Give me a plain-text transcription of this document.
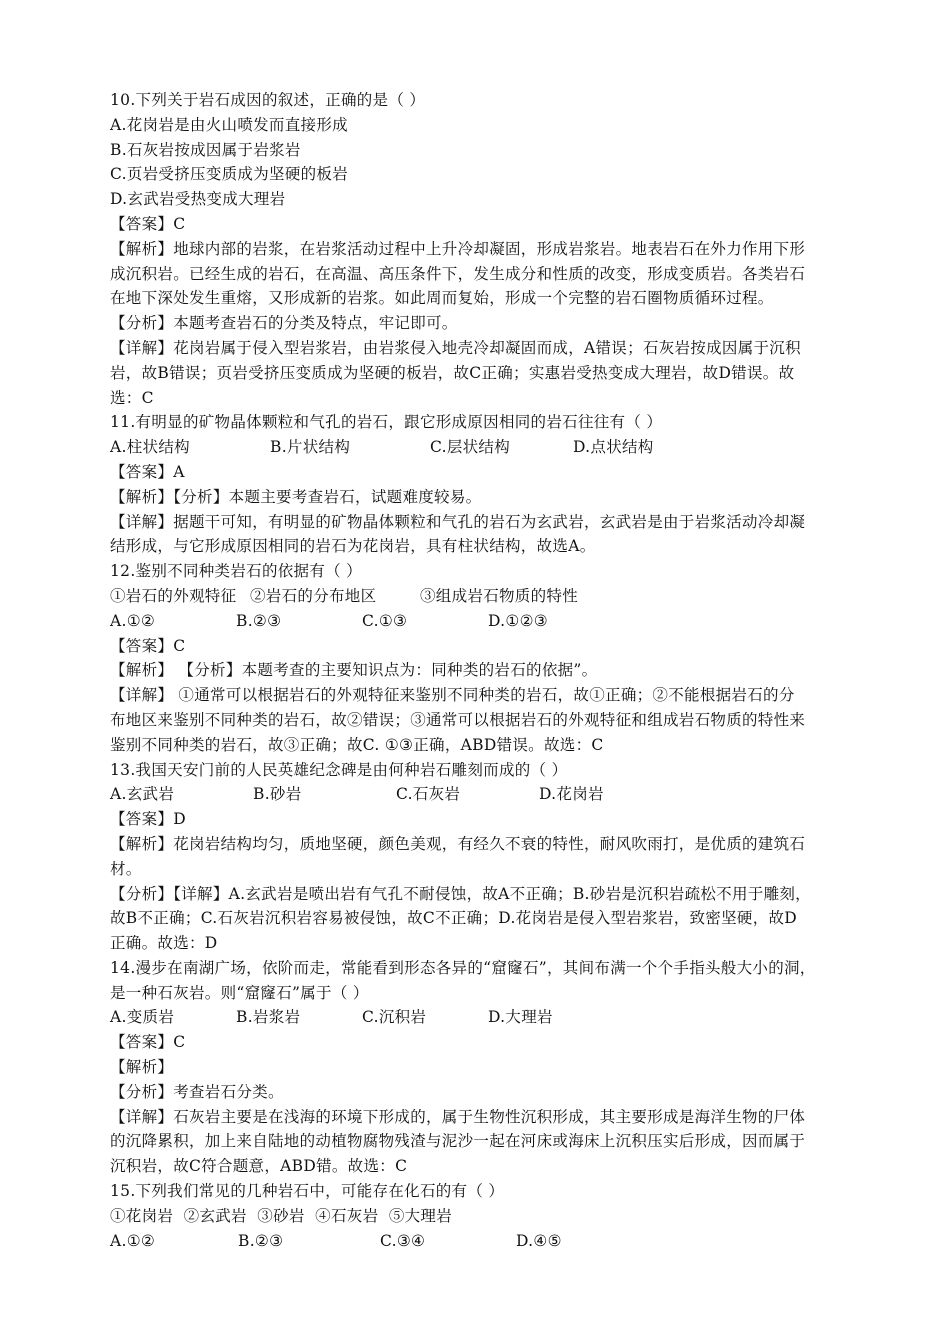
10.下列关于岩石成因的叙述，正确的是（ ）
A.花岗岩是由火山喷发而直接形成
B.石灰岩按成因属于岩浆岩
C.页岩受挤压变质成为坚硬的板岩
D.玄武岩受热变成大理岩
【答案】C
【解析】地球内部的岩浆，在岩浆活动过程中上升冷却凝固，形成岩浆岩。地表岩石在外力作用下形
成沉积岩。已经生成的岩石，在高温、高压条件下，发生成分和性质的改变，形成变质岩。各类岩石
在地下深处发生重熔，又形成新的岩浆。如此周而复始，形成一个完整的岩石圈物质循环过程。
【分析】本题考查岩石的分类及特点，牢记即可。
【详解】花岗岩属于侵入型岩浆岩，由岩浆侵入地壳冷却凝固而成，A错误；石灰岩按成因属于沉积
岩，故B错误；页岩受挤压变质成为坚硬的板岩，故C正确；实惠岩受热变成大理岩，故D错误。故
选：C
11.有明显的矿物晶体颗粒和气孔的岩石，跟它形成原因相同的岩石往往有（ ）
A.柱状结构	B.片状结构	C.层状结构	D.点状结构
【答案】A
【解析】【分析】本题主要考查岩石，试题难度较易。
【详解】据题干可知，有明显的矿物晶体颗粒和气孔的岩石为玄武岩，玄武岩是由于岩浆活动冷却凝
结形成，与它形成原因相同的岩石为花岗岩，具有柱状结构，故选A。
12.鉴别不同种类岩石的依据有（ ）
①岩石的外观特征 ②岩石的分布地区	③组成岩石物质的特性
A.①②	B.②③	C.①③	D.①②③
【答案】C
【解析】 【分析】本题考查的主要知识点为：同种类的岩石的依据”。
【详解】 ①通常可以根据岩石的外观特征来鉴别不同种类的岩石，故①正确；②不能根据岩石的分
布地区来鉴别不同种类的岩石，故②错误；③通常可以根据岩石的外观特征和组成岩石物质的特性来
鉴别不同种类的岩石，故③正确；故C. ①③正确，ABD错误。故选：C
13.我国天安门前的人民英雄纪念碑是由何种岩石雕刻而成的（ ）
A.玄武岩	B.砂岩	C.石灰岩	D.花岗岩
【答案】D
【解析】花岗岩结构均匀，质地坚硬，颜色美观，有经久不衰的特性，耐风吹雨打，是优质的建筑石
材。
【分析】【详解】A.玄武岩是喷出岩有气孔不耐侵蚀，故A不正确；B.砂岩是沉积岩疏松不用于雕刻，
故B不正确；C.石灰岩沉积岩容易被侵蚀，故C不正确；D.花岗岩是侵入型岩浆岩，致密坚硬，故D
正确。故选：D
14.漫步在南湖广场，依阶而走，常能看到形态各异的“窟窿石”，其间布满一个个手指头般大小的洞，
是一种石灰岩。则“窟窿石”属于（ ）
A.变质岩	B.岩浆岩	C.沉积岩	D.大理岩
【答案】C
【解析】
【分析】考查岩石分类。
【详解】石灰岩主要是在浅海的环境下形成的，属于生物性沉积形成，其主要形成是海洋生物的尸体
的沉降累积，加上来自陆地的动植物腐物残渣与泥沙一起在河床或海床上沉积压实后形成，因而属于
沉积岩，故C符合题意，ABD错。故选：C
15.下列我们常见的几种岩石中，可能存在化石的有（ ）
①花岗岩  ②玄武岩  ③砂岩  ④石灰岩  ⑤大理岩
A.①②	B.②③	C.③④	D.④⑤
